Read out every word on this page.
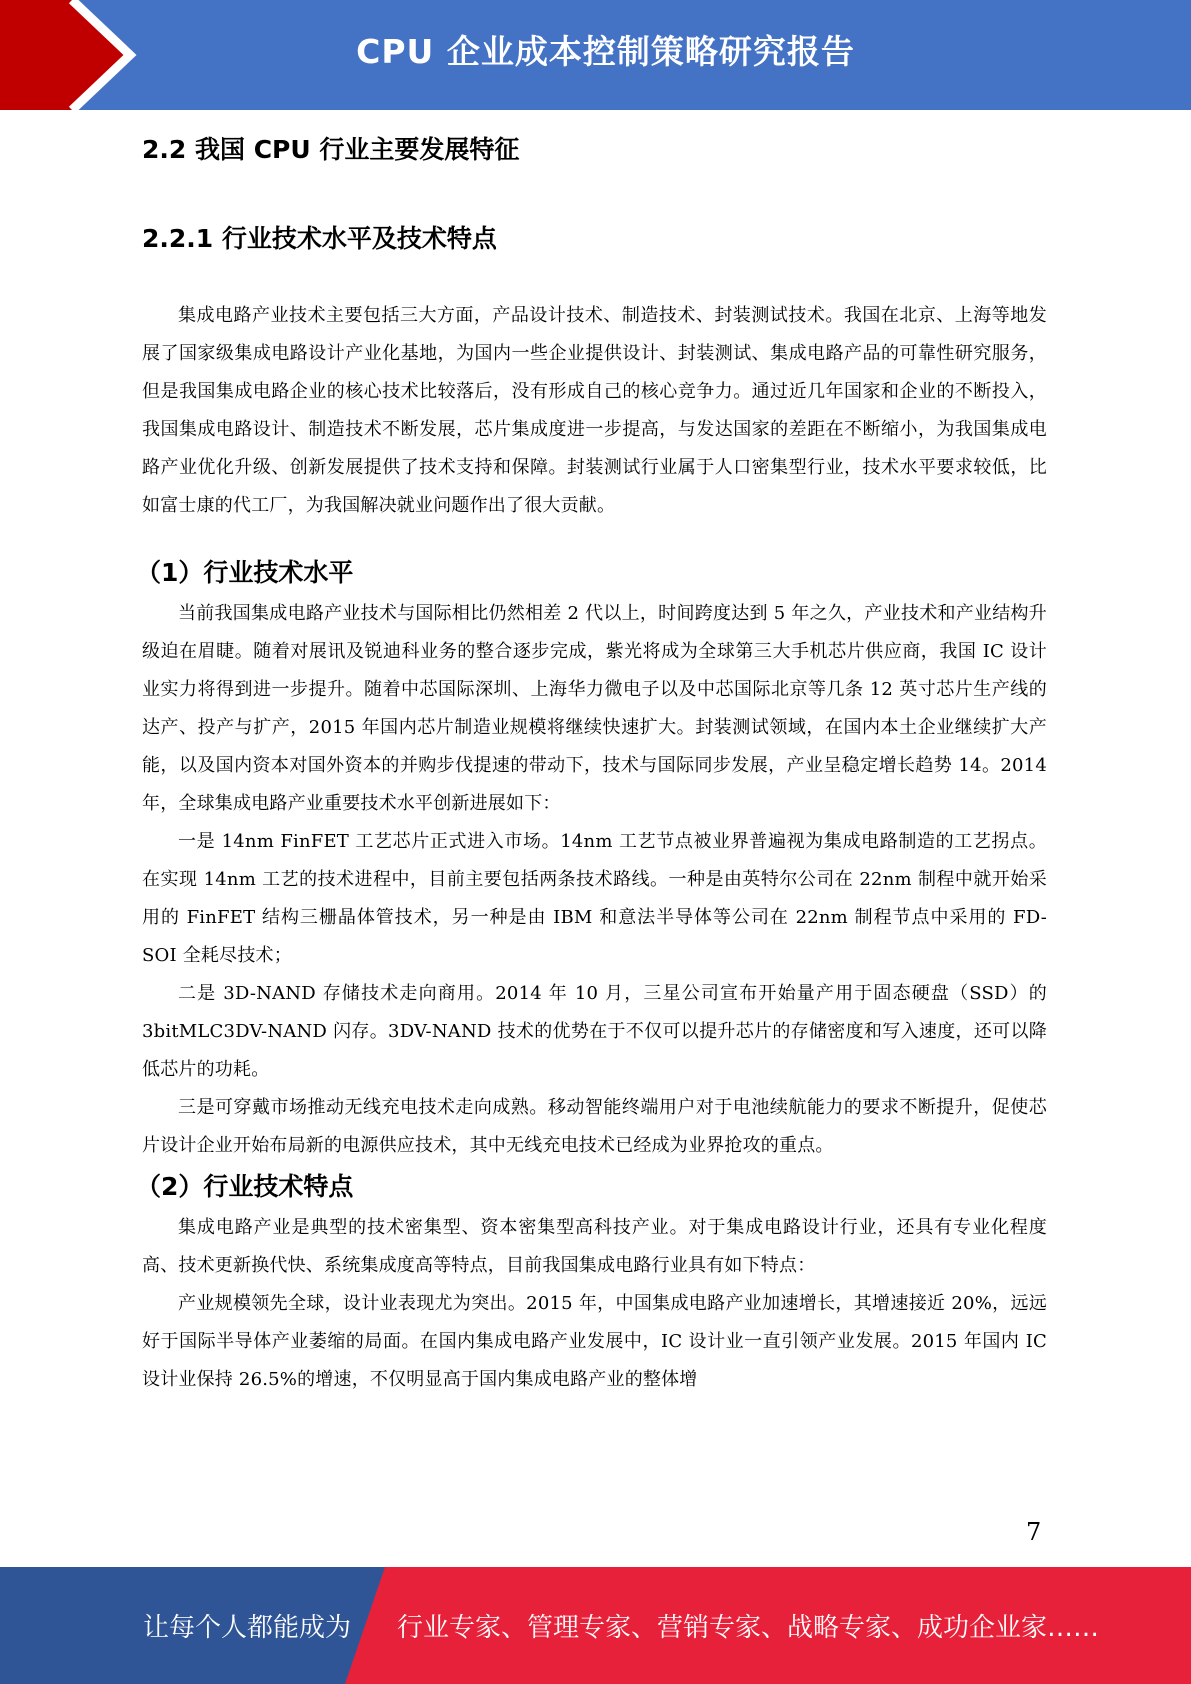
CPU 企业成本控制策略研究报告
2.2 我国 CPU 行业主要发展特征
2.2.1 行业技术水平及技术特点

集成电路产业技术主要包括三大方面，产品设计技术、制造技术、封装测试技术。我国在北京、上海等地发展了国家级集成电路设计产业化基地，为国内一些企业提供设计、封装测试、集成电路产品的可靠性研究服务，但是我国集成电路企业的核心技术比较落后，没有形成自己的核心竞争力。通过近几年国家和企业的不断投入，我国集成电路设计、制造技术不断发展，芯片集成度进一步提高，与发达国家的差距在不断缩小，为我国集成电路产业优化升级、创新发展提供了技术支持和保障。封装测试行业属于人口密集型行业，技术水平要求较低，比如富士康的代工厂，为我国解决就业问题作出了很大贡献。

（1）行业技术水平

当前我国集成电路产业技术与国际相比仍然相差 2 代以上，时间跨度达到 5 年之久，产业技术和产业结构升级迫在眉睫。随着对展讯及锐迪科业务的整合逐步完成，紫光将成为全球第三大手机芯片供应商，我国 IC 设计业实力将得到进一步提升。随着中芯国际深圳、上海华力微电子以及中芯国际北京等几条 12 英寸芯片生产线的达产、投产与扩产，2015 年国内芯片制造业规模将继续快速扩大。封装测试领域，在国内本土企业继续扩大产能，以及国内资本对国外资本的并购步伐提速的带动下，技术与国际同步发展，产业呈稳定增长趋势 14。2014 年，全球集成电路产业重要技术水平创新进展如下：

一是 14nm FinFET 工艺芯片正式进入市场。14nm 工艺节点被业界普遍视为集成电路制造的工艺拐点。在实现 14nm 工艺的技术进程中，目前主要包括两条技术路线。一种是由英特尔公司在 22nm 制程中就开始采用的 FinFET 结构三栅晶体管技术，另一种是由 IBM 和意法半导体等公司在 22nm 制程节点中采用的 FD-SOI 全耗尽技术；

二是 3D-NAND 存储技术走向商用。2014 年 10 月，三星公司宣布开始量产用于固态硬盘（SSD）的 3bitMLC3DV-NAND 闪存。3DV-NAND 技术的优势在于不仅可以提升芯片的存储密度和写入速度，还可以降低芯片的功耗。

三是可穿戴市场推动无线充电技术走向成熟。移动智能终端用户对于电池续航能力的要求不断提升，促使芯片设计企业开始布局新的电源供应技术，其中无线充电技术已经成为业界抢攻的重点。

（2）行业技术特点

集成电路产业是典型的技术密集型、资本密集型高科技产业。对于集成电路设计行业，还具有专业化程度高、技术更新换代快、系统集成度高等特点，目前我国集成电路行业具有如下特点：

产业规模领先全球，设计业表现尤为突出。2015 年，中国集成电路产业加速增长，其增速接近 20%，远远好于国际半导体产业萎缩的局面。在国内集成电路产业发展中，IC 设计业一直引领产业发展。2015 年国内 IC 设计业保持 26.5%的增速，不仅明显高于国内集成电路产业的整体增

7
让每个人都能成为 行业专家、管理专家、营销专家、战略专家、成功企业家……
